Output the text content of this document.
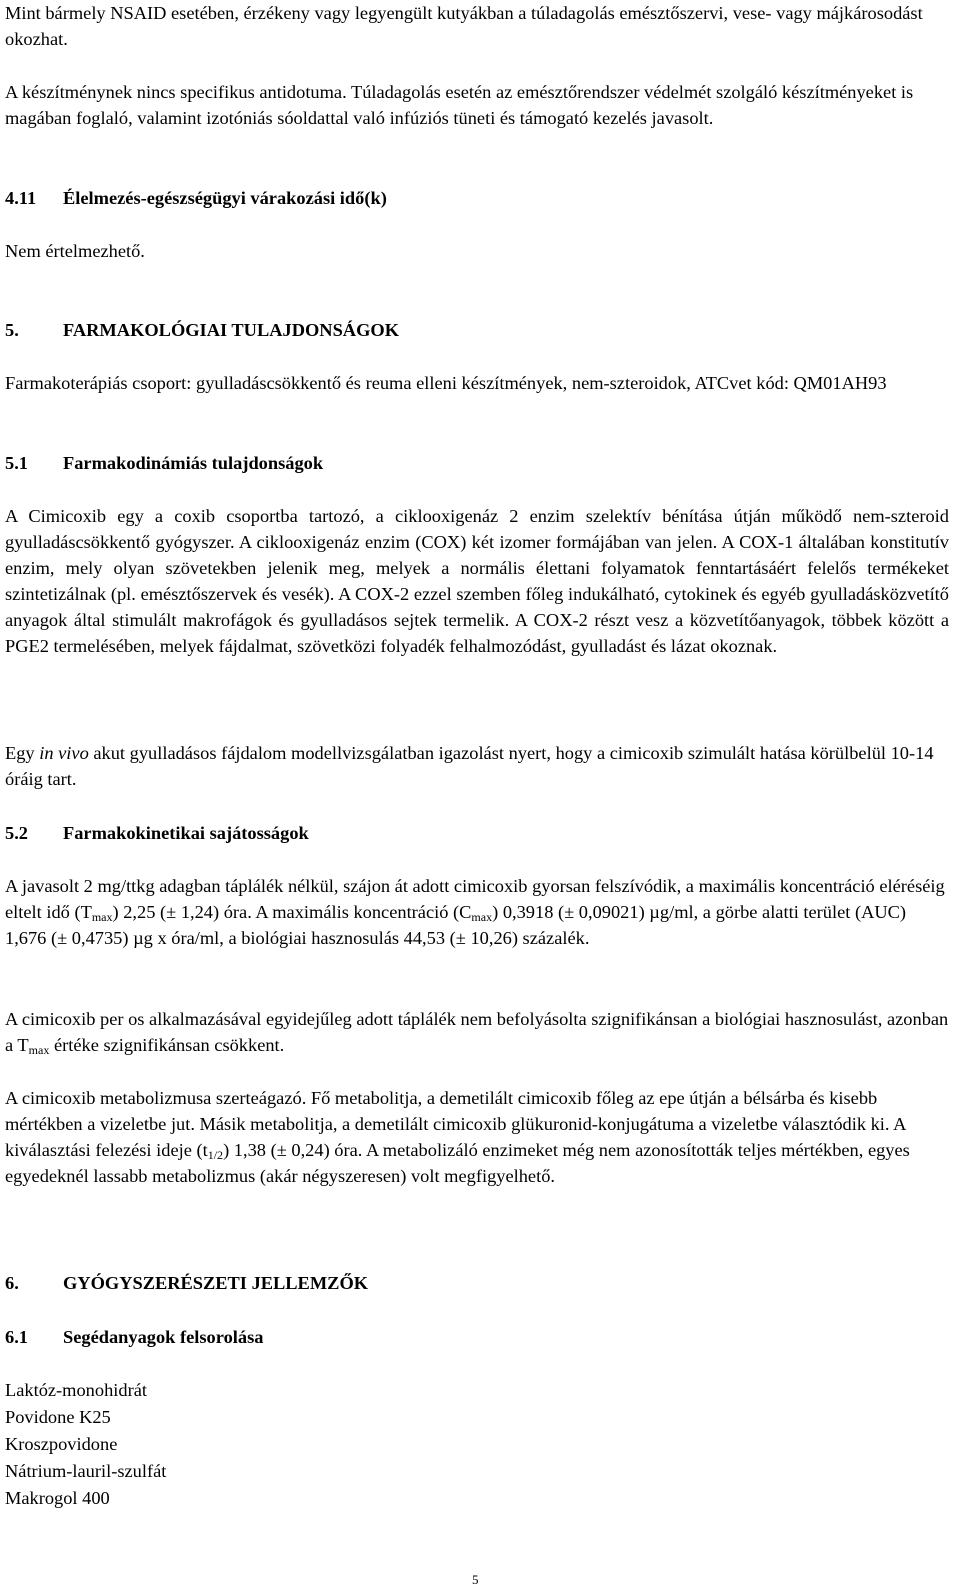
Mint bármely NSAID esetében, érzékeny vagy legyengült kutyákban a túladagolás emésztőszervi, vese- vagy májkárosodást okozhat.

A készítménynek nincs specifikus antidotuma. Túladagolás esetén az emésztőrendszer védelmét szolgáló készítményeket is magában foglaló, valamint izotóniás sóoldattal való infúziós tüneti és támogató kezelés javasolt.

4.11 Élelmezés-egészségügyi várakozási idő(k)

Nem értelmezhető.

5. FARMAKOLÓGIAI TULAJDONSÁGOK

Farmakoterápiás csoport: gyulladáscsökkentő és reuma elleni készítmények, nem-szteroidok, ATCvet kód: QM01AH93

5.1 Farmakodinámiás tulajdonságok

A Cimicoxib egy a coxib csoportba tartozó, a ciklooxigenáz 2 enzim szelektív bénítása útján működő nem-szteroid gyulladáscsökkentő gyógyszer. A ciklooxigenáz enzim (COX) két izomer formájában van jelen. A COX-1 általában konstitutív enzim, mely olyan szövetekben jelenik meg, melyek a normális élettani folyamatok fenntartásáért felelős termékeket szintetizálnak (pl. emésztőszervek és vesék). A COX-2 ezzel szemben főleg indukálható, cytokinek és egyéb gyulladásközvetítő anyagok által stimulált makrofágok és gyulladásos sejtek termelik. A COX-2 részt vesz a közvetítőanyagok, többek között a PGE2 termelésében, melyek fájdalmat, szövetközi folyadék felhalmozódást, gyulladást és lázat okoznak.

Egy in vivo akut gyulladásos fájdalom modellvizsgálatban igazolást nyert, hogy a cimicoxib szimulált hatása körülbelül 10-14 óráig tart.

5.2 Farmakokinetikai sajátosságok

A javasolt 2 mg/ttkg adagban táplálék nélkül, szájon át adott cimicoxib gyorsan felszívódik, a maximális koncentráció eléréséig eltelt idő $(T_{max})$ 2,25 (± 1,24) óra. A maximális koncentráció $(C_{max})$ 0,3918 (± 0,09021) µg/ml, a görbe alatti terület (AUC) 1,676 (± 0,4735) µg x óra/ml, a biológiai hasznosulás 44,53 (± 10,26) százalék.

A cimicoxib per os alkalmazásával egyidejűleg adott táplálék nem befolyásolta szignifikánsan a biológiai hasznosulást, azonban a $T_{max}$ értéke szignifikánsan csökkent.

A cimicoxib metabolizmusa szerteágazó. Fő metabolitja, a demetilált cimicoxib főleg az epe útján a bélsárba és kisebb mértékben a vizeletbe jut. Másik metabolitja, a demetilált cimicoxib glükuronid-konjugátuma a vizeletbe választódik ki. A kiválasztási felezési ideje $(t_{1/2})$ 1,38 (± 0,24) óra. A metabolizáló enzimeket még nem azonosították teljes mértékben, egyes egyedeknél lassabb metabolizmus (akár négyszeresen) volt megfigyelhető.

6. GYÓGYSZERÉSZETI JELLEMZŐK
6.1 Segédanyagok felsorolása
Laktóz-monohidrát
Povidone K25
Kroszpovidone
Nátrium-lauril-szulfát
Makrogol 400
5
